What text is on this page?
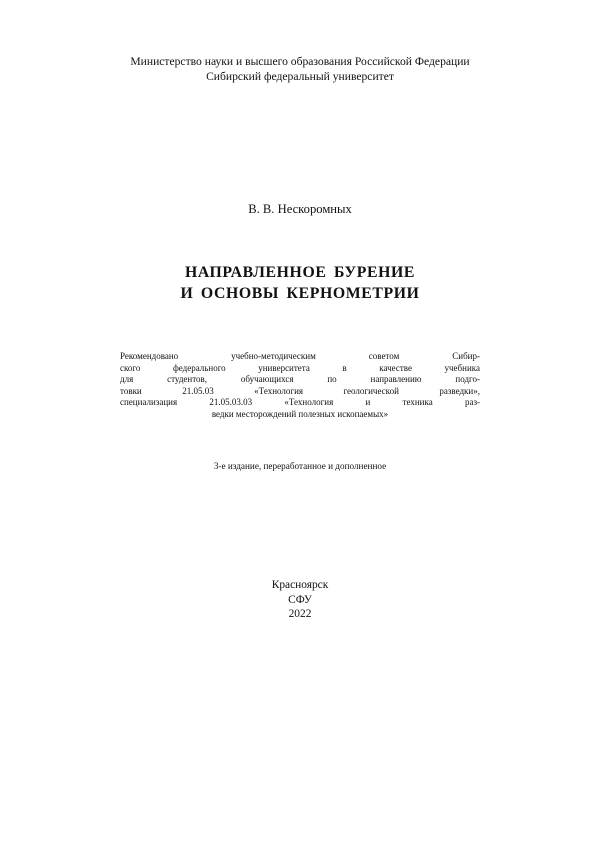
Министерство науки и высшего образования Российской Федерации
Сибирский федеральный университет
В. В. Нескоромных
НАПРАВЛЕННОЕ БУРЕНИЕ
И ОСНОВЫ КЕРНОМЕТРИИ
Рекомендовано учебно-методическим советом Сибир-
ского федерального университета в качестве учебника
для студентов, обучающихся по направлению подго-
товки 21.05.03 «Технология геологической разведки»,
специализация 21.05.03.03 «Технология и техника раз-
ведки месторождений полезных ископаемых»
3-е издание, переработанное и дополненное
Красноярск
СФУ
2022
